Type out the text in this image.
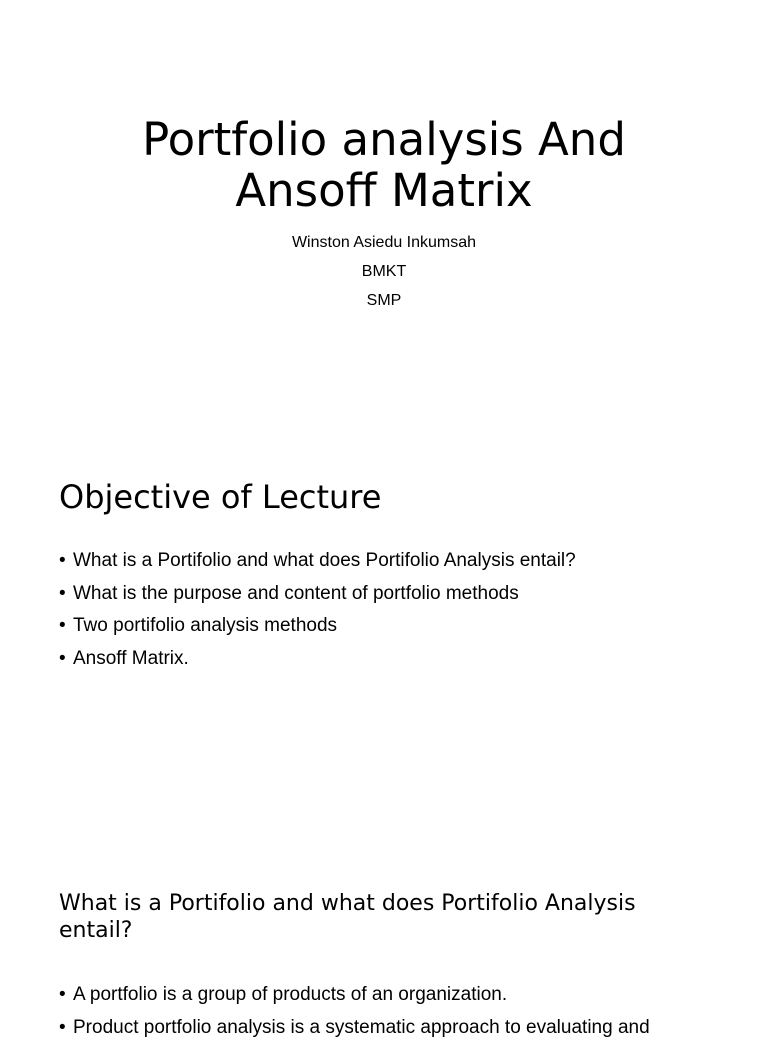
Portfolio analysis And
Ansoff Matrix
Winston Asiedu Inkumsah
BMKT
SMP
Objective of Lecture
• What is a Portifolio and what does Portifolio Analysis entail?
• What is the purpose and content of portfolio methods
• Two portifolio analysis methods
• Ansoff Matrix.
What is a Portifolio and what does Portifolio Analysis entail?
• A portfolio is a group of products of an organization.
• Product portfolio analysis is a systematic approach to evaluating and
